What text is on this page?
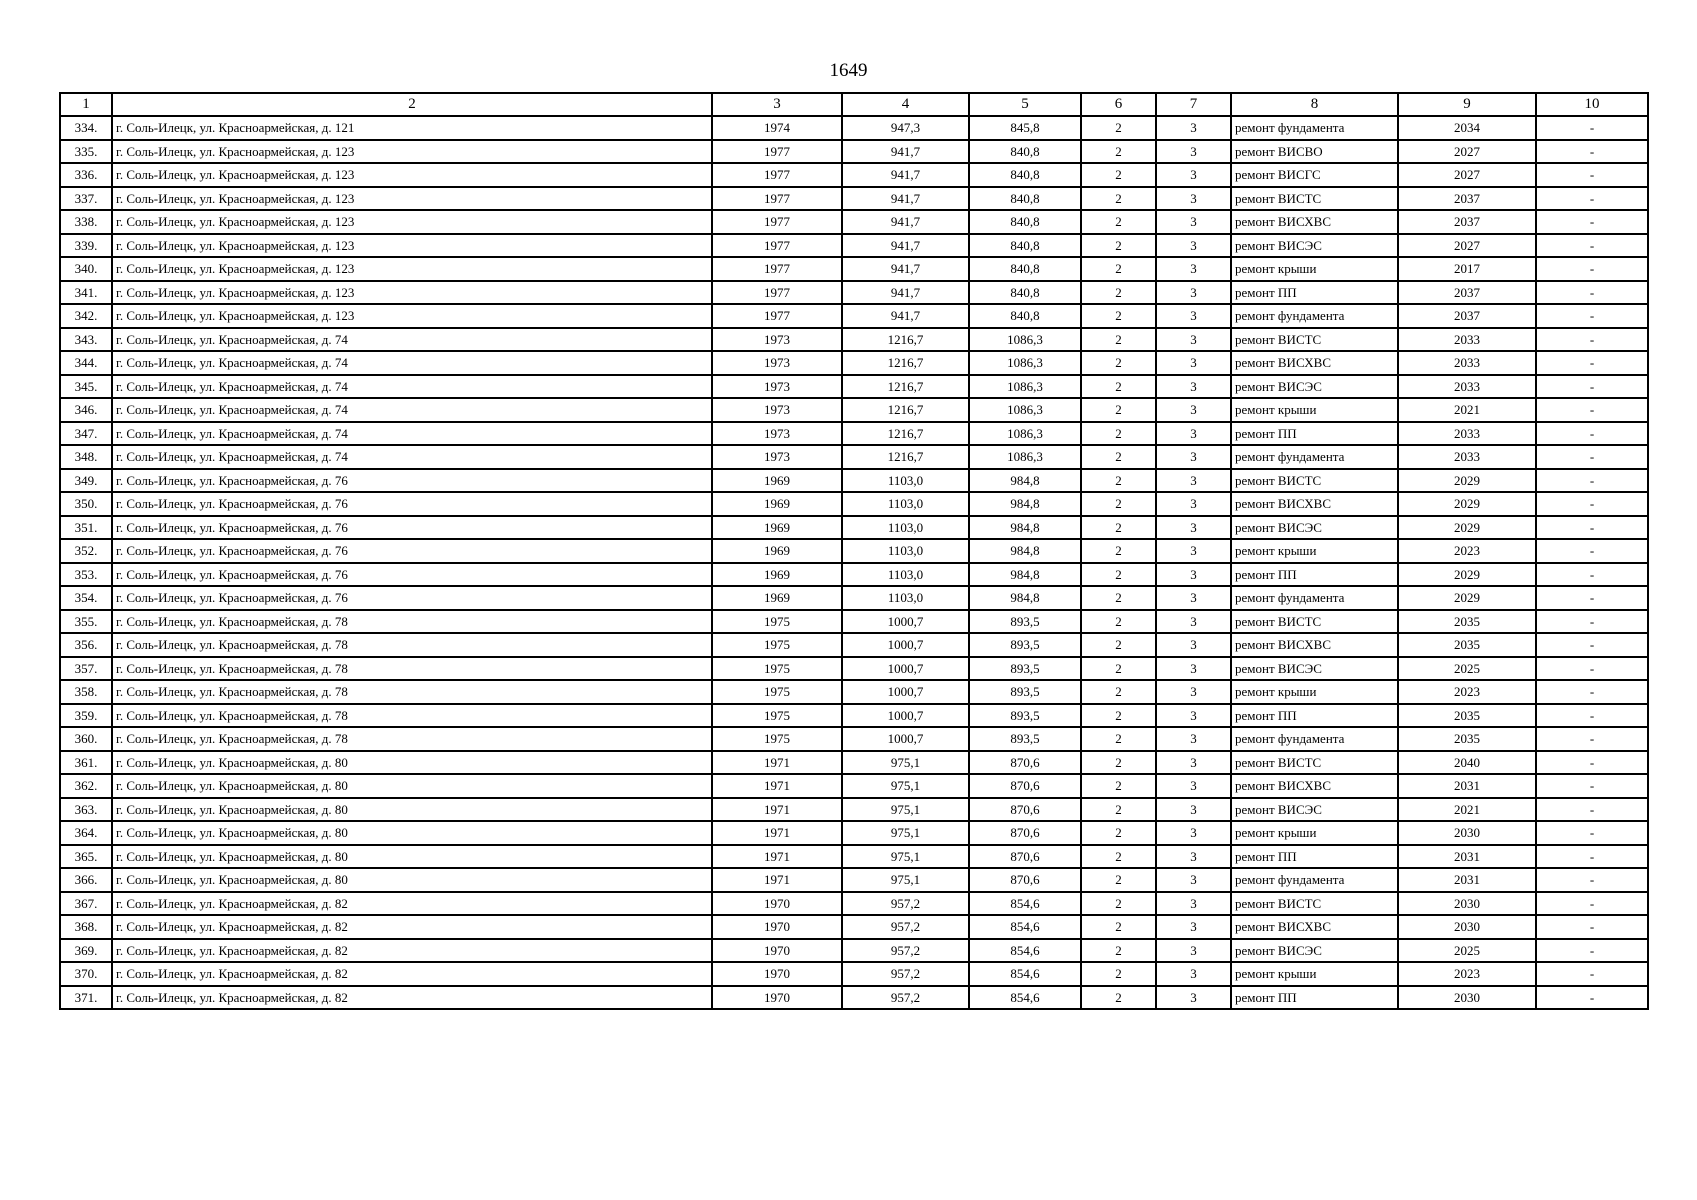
1649
1	2	3	4	5	6	7	8	9	10
334.	г. Соль-Илецк, ул. Красноармейская, д. 121	1974	947,3	845,8	2	3	ремонт фундамента	2034	-
335.	г. Соль-Илецк, ул. Красноармейская, д. 123	1977	941,7	840,8	2	3	ремонт ВИСВО	2027	-
336.	г. Соль-Илецк, ул. Красноармейская, д. 123	1977	941,7	840,8	2	3	ремонт ВИСГС	2027	-
337.	г. Соль-Илецк, ул. Красноармейская, д. 123	1977	941,7	840,8	2	3	ремонт ВИСТС	2037	-
338.	г. Соль-Илецк, ул. Красноармейская, д. 123	1977	941,7	840,8	2	3	ремонт ВИСХВС	2037	-
339.	г. Соль-Илецк, ул. Красноармейская, д. 123	1977	941,7	840,8	2	3	ремонт ВИСЭС	2027	-
340.	г. Соль-Илецк, ул. Красноармейская, д. 123	1977	941,7	840,8	2	3	ремонт крыши	2017	-
341.	г. Соль-Илецк, ул. Красноармейская, д. 123	1977	941,7	840,8	2	3	ремонт ПП	2037	-
342.	г. Соль-Илецк, ул. Красноармейская, д. 123	1977	941,7	840,8	2	3	ремонт фундамента	2037	-
343.	г. Соль-Илецк, ул. Красноармейская, д. 74	1973	1216,7	1086,3	2	3	ремонт ВИСТС	2033	-
344.	г. Соль-Илецк, ул. Красноармейская, д. 74	1973	1216,7	1086,3	2	3	ремонт ВИСХВС	2033	-
345.	г. Соль-Илецк, ул. Красноармейская, д. 74	1973	1216,7	1086,3	2	3	ремонт ВИСЭС	2033	-
346.	г. Соль-Илецк, ул. Красноармейская, д. 74	1973	1216,7	1086,3	2	3	ремонт крыши	2021	-
347.	г. Соль-Илецк, ул. Красноармейская, д. 74	1973	1216,7	1086,3	2	3	ремонт ПП	2033	-
348.	г. Соль-Илецк, ул. Красноармейская, д. 74	1973	1216,7	1086,3	2	3	ремонт фундамента	2033	-
349.	г. Соль-Илецк, ул. Красноармейская, д. 76	1969	1103,0	984,8	2	3	ремонт ВИСТС	2029	-
350.	г. Соль-Илецк, ул. Красноармейская, д. 76	1969	1103,0	984,8	2	3	ремонт ВИСХВС	2029	-
351.	г. Соль-Илецк, ул. Красноармейская, д. 76	1969	1103,0	984,8	2	3	ремонт ВИСЭС	2029	-
352.	г. Соль-Илецк, ул. Красноармейская, д. 76	1969	1103,0	984,8	2	3	ремонт крыши	2023	-
353.	г. Соль-Илецк, ул. Красноармейская, д. 76	1969	1103,0	984,8	2	3	ремонт ПП	2029	-
354.	г. Соль-Илецк, ул. Красноармейская, д. 76	1969	1103,0	984,8	2	3	ремонт фундамента	2029	-
355.	г. Соль-Илецк, ул. Красноармейская, д. 78	1975	1000,7	893,5	2	3	ремонт ВИСТС	2035	-
356.	г. Соль-Илецк, ул. Красноармейская, д. 78	1975	1000,7	893,5	2	3	ремонт ВИСХВС	2035	-
357.	г. Соль-Илецк, ул. Красноармейская, д. 78	1975	1000,7	893,5	2	3	ремонт ВИСЭС	2025	-
358.	г. Соль-Илецк, ул. Красноармейская, д. 78	1975	1000,7	893,5	2	3	ремонт крыши	2023	-
359.	г. Соль-Илецк, ул. Красноармейская, д. 78	1975	1000,7	893,5	2	3	ремонт ПП	2035	-
360.	г. Соль-Илецк, ул. Красноармейская, д. 78	1975	1000,7	893,5	2	3	ремонт фундамента	2035	-
361.	г. Соль-Илецк, ул. Красноармейская, д. 80	1971	975,1	870,6	2	3	ремонт ВИСТС	2040	-
362.	г. Соль-Илецк, ул. Красноармейская, д. 80	1971	975,1	870,6	2	3	ремонт ВИСХВС	2031	-
363.	г. Соль-Илецк, ул. Красноармейская, д. 80	1971	975,1	870,6	2	3	ремонт ВИСЭС	2021	-
364.	г. Соль-Илецк, ул. Красноармейская, д. 80	1971	975,1	870,6	2	3	ремонт крыши	2030	-
365.	г. Соль-Илецк, ул. Красноармейская, д. 80	1971	975,1	870,6	2	3	ремонт ПП	2031	-
366.	г. Соль-Илецк, ул. Красноармейская, д. 80	1971	975,1	870,6	2	3	ремонт фундамента	2031	-
367.	г. Соль-Илецк, ул. Красноармейская, д. 82	1970	957,2	854,6	2	3	ремонт ВИСТС	2030	-
368.	г. Соль-Илецк, ул. Красноармейская, д. 82	1970	957,2	854,6	2	3	ремонт ВИСХВС	2030	-
369.	г. Соль-Илецк, ул. Красноармейская, д. 82	1970	957,2	854,6	2	3	ремонт ВИСЭС	2025	-
370.	г. Соль-Илецк, ул. Красноармейская, д. 82	1970	957,2	854,6	2	3	ремонт крыши	2023	-
371.	г. Соль-Илецк, ул. Красноармейская, д. 82	1970	957,2	854,6	2	3	ремонт ПП	2030	-
